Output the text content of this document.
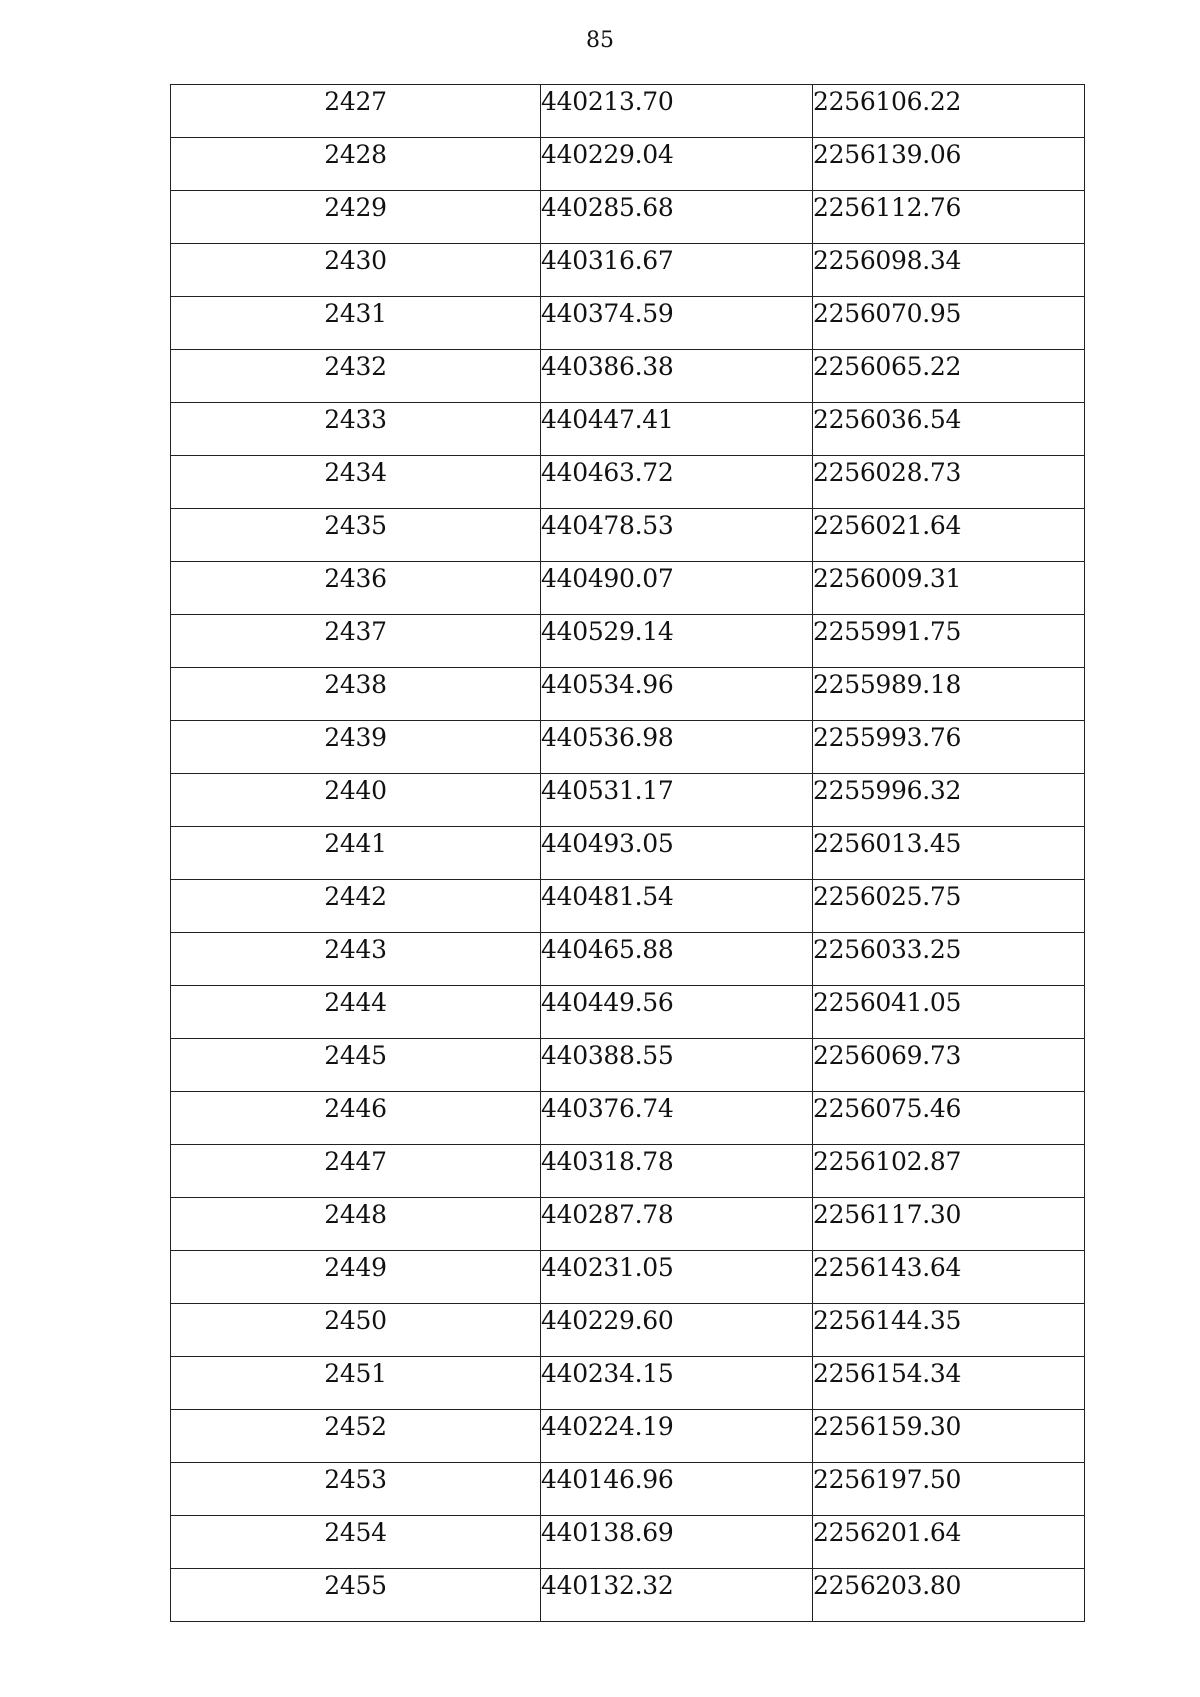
85
2427	440213.70	2256106.22
2428	440229.04	2256139.06
2429	440285.68	2256112.76
2430	440316.67	2256098.34
2431	440374.59	2256070.95
2432	440386.38	2256065.22
2433	440447.41	2256036.54
2434	440463.72	2256028.73
2435	440478.53	2256021.64
2436	440490.07	2256009.31
2437	440529.14	2255991.75
2438	440534.96	2255989.18
2439	440536.98	2255993.76
2440	440531.17	2255996.32
2441	440493.05	2256013.45
2442	440481.54	2256025.75
2443	440465.88	2256033.25
2444	440449.56	2256041.05
2445	440388.55	2256069.73
2446	440376.74	2256075.46
2447	440318.78	2256102.87
2448	440287.78	2256117.30
2449	440231.05	2256143.64
2450	440229.60	2256144.35
2451	440234.15	2256154.34
2452	440224.19	2256159.30
2453	440146.96	2256197.50
2454	440138.69	2256201.64
2455	440132.32	2256203.80
